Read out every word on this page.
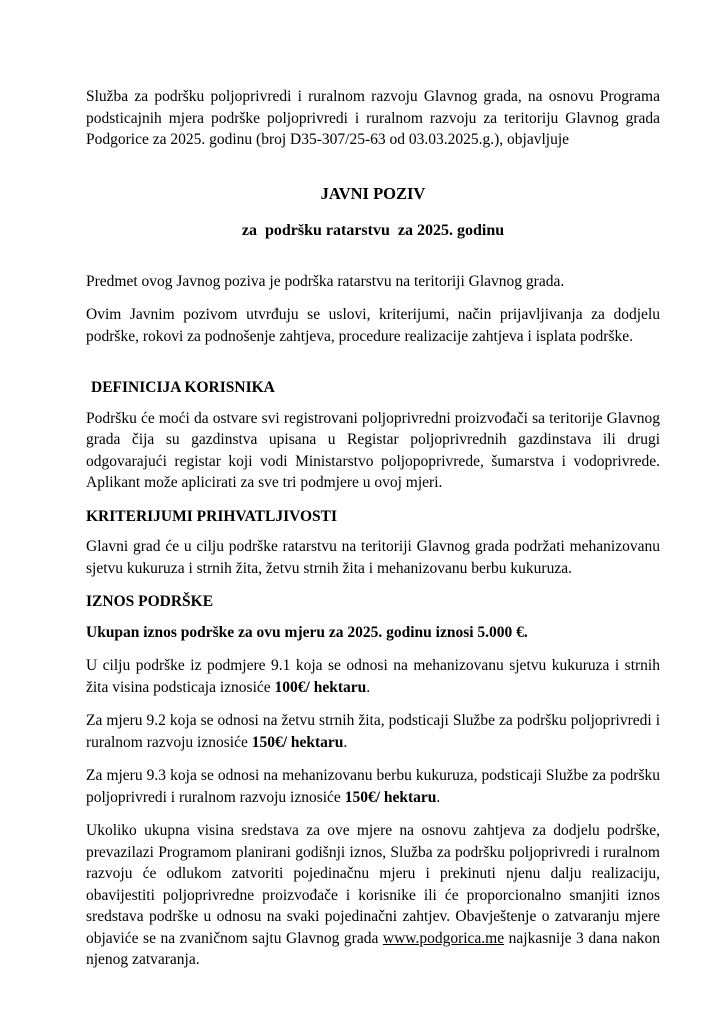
Služba za podršku poljoprivredi i ruralnom razvoju Glavnog grada, na osnovu Programa podsticajnih mjera podrške poljoprivredi i ruralnom razvoju za teritoriju Glavnog grada Podgorice za 2025. godinu (broj D35-307/25-63 od 03.03.2025.g.), objavljuje

JAVNI POZIV
za  podršku ratarstvu  za 2025. godinu

Predmet ovog Javnog poziva je podrška ratarstvu na teritoriji Glavnog grada.

Ovim Javnim pozivom utvrđuju se uslovi, kriterijumi, način prijavljivanja za dodjelu podrške, rokovi za podnošenje zahtjeva, procedure realizacije zahtjeva i isplata podrške.

DEFINICIJA KORISNIKA

Podršku će moći da ostvare svi registrovani poljoprivredni proizvođači sa teritorije Glavnog grada čija su gazdinstva upisana u Registar poljoprivrednih gazdinstava ili drugi odgovarajući registar koji vodi Ministarstvo poljopoprivrede, šumarstva i vodoprivrede. Aplikant može aplicirati za sve tri podmjere u ovoj mjeri.

KRITERIJUMI PRIHVATLJIVOSTI

Glavni grad će u cilju podrške ratarstvu na teritoriji Glavnog grada podržati mehanizovanu sjetvu kukuruza i strnih žita, žetvu strnih žita i mehanizovanu berbu kukuruza.

IZNOS PODRŠKE

Ukupan iznos podrške za ovu mjeru za 2025. godinu iznosi 5.000 €.

U cilju podrške iz podmjere 9.1 koja se odnosi na mehanizovanu sjetvu kukuruza i strnih žita visina podsticaja iznosiće 100€/ hektaru.

Za mjeru 9.2 koja se odnosi na žetvu strnih žita, podsticaji Službe za podršku poljoprivredi i ruralnom razvoju iznosiće 150€/ hektaru.

Za mjeru 9.3 koja se odnosi na mehanizovanu berbu kukuruza, podsticaji Službe za podršku poljoprivredi i ruralnom razvoju iznosiće 150€/ hektaru.

Ukoliko ukupna visina sredstava za ove mjere na osnovu zahtjeva za dodjelu podrške, prevazilazi Programom planirani godišnji iznos, Služba za podršku poljoprivredi i ruralnom razvoju će odlukom zatvoriti pojedinačnu mjeru i prekinuti njenu dalju realizaciju, obavijestiti poljoprivredne proizvođače i korisnike ili će proporcionalno smanjiti iznos sredstava podrške u odnosu na svaki pojedinačni zahtjev. Obavještenje o zatvaranju mjere objaviće se na zvaničnom sajtu Glavnog grada www.podgorica.me najkasnije 3 dana nakon njenog zatvaranja.
